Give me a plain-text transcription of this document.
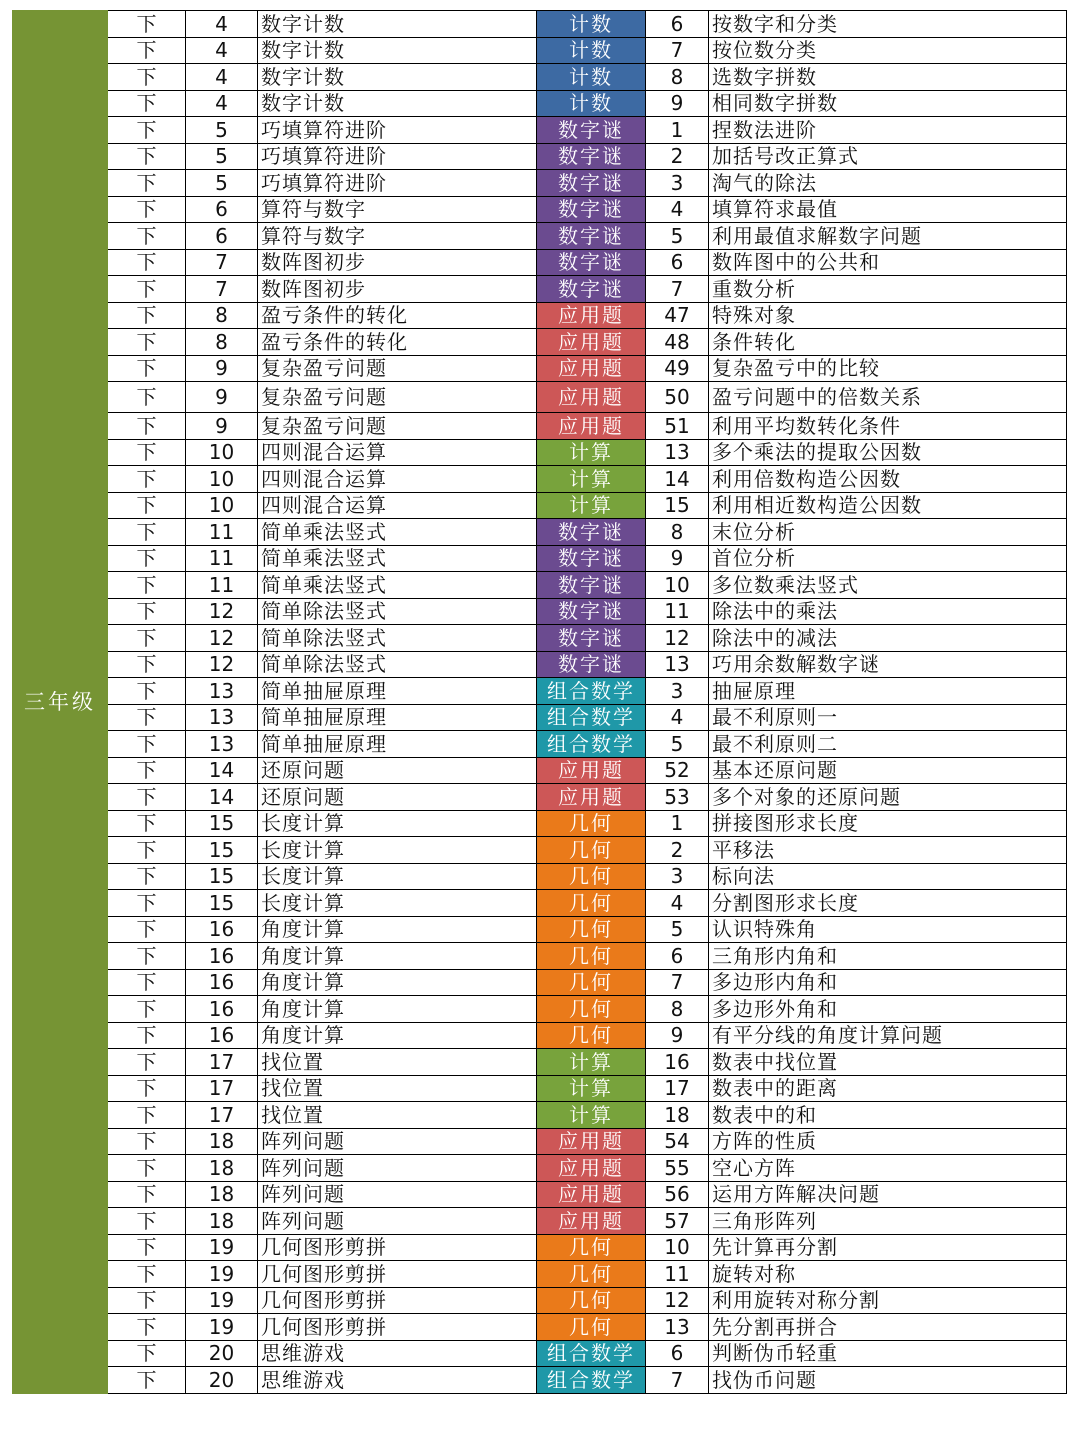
三年级	下	4	数字计数	计数	6	按数字和分类
	下	4	数字计数	计数	7	按位数分类
	下	4	数字计数	计数	8	选数字拼数
	下	4	数字计数	计数	9	相同数字拼数
	下	5	巧填算符进阶	数字谜	1	捏数法进阶
	下	5	巧填算符进阶	数字谜	2	加括号改正算式
	下	5	巧填算符进阶	数字谜	3	淘气的除法
	下	6	算符与数字	数字谜	4	填算符求最值
	下	6	算符与数字	数字谜	5	利用最值求解数字问题
	下	7	数阵图初步	数字谜	6	数阵图中的公共和
	下	7	数阵图初步	数字谜	7	重数分析
	下	8	盈亏条件的转化	应用题	47	特殊对象
	下	8	盈亏条件的转化	应用题	48	条件转化
	下	9	复杂盈亏问题	应用题	49	复杂盈亏中的比较
	下	9	复杂盈亏问题	应用题	50	盈亏问题中的倍数关系
	下	9	复杂盈亏问题	应用题	51	利用平均数转化条件
	下	10	四则混合运算	计算	13	多个乘法的提取公因数
	下	10	四则混合运算	计算	14	利用倍数构造公因数
	下	10	四则混合运算	计算	15	利用相近数构造公因数
	下	11	简单乘法竖式	数字谜	8	末位分析
	下	11	简单乘法竖式	数字谜	9	首位分析
	下	11	简单乘法竖式	数字谜	10	多位数乘法竖式
	下	12	简单除法竖式	数字谜	11	除法中的乘法
	下	12	简单除法竖式	数字谜	12	除法中的减法
	下	12	简单除法竖式	数字谜	13	巧用余数解数字谜
	下	13	简单抽屉原理	组合数学	3	抽屉原理
	下	13	简单抽屉原理	组合数学	4	最不利原则一
	下	13	简单抽屉原理	组合数学	5	最不利原则二
	下	14	还原问题	应用题	52	基本还原问题
	下	14	还原问题	应用题	53	多个对象的还原问题
	下	15	长度计算	几何	1	拼接图形求长度
	下	15	长度计算	几何	2	平移法
	下	15	长度计算	几何	3	标向法
	下	15	长度计算	几何	4	分割图形求长度
	下	16	角度计算	几何	5	认识特殊角
	下	16	角度计算	几何	6	三角形内角和
	下	16	角度计算	几何	7	多边形内角和
	下	16	角度计算	几何	8	多边形外角和
	下	16	角度计算	几何	9	有平分线的角度计算问题
	下	17	找位置	计算	16	数表中找位置
	下	17	找位置	计算	17	数表中的距离
	下	17	找位置	计算	18	数表中的和
	下	18	阵列问题	应用题	54	方阵的性质
	下	18	阵列问题	应用题	55	空心方阵
	下	18	阵列问题	应用题	56	运用方阵解决问题
	下	18	阵列问题	应用题	57	三角形阵列
	下	19	几何图形剪拼	几何	10	先计算再分割
	下	19	几何图形剪拼	几何	11	旋转对称
	下	19	几何图形剪拼	几何	12	利用旋转对称分割
	下	19	几何图形剪拼	几何	13	先分割再拼合
	下	20	思维游戏	组合数学	6	判断伪币轻重
	下	20	思维游戏	组合数学	7	找伪币问题
